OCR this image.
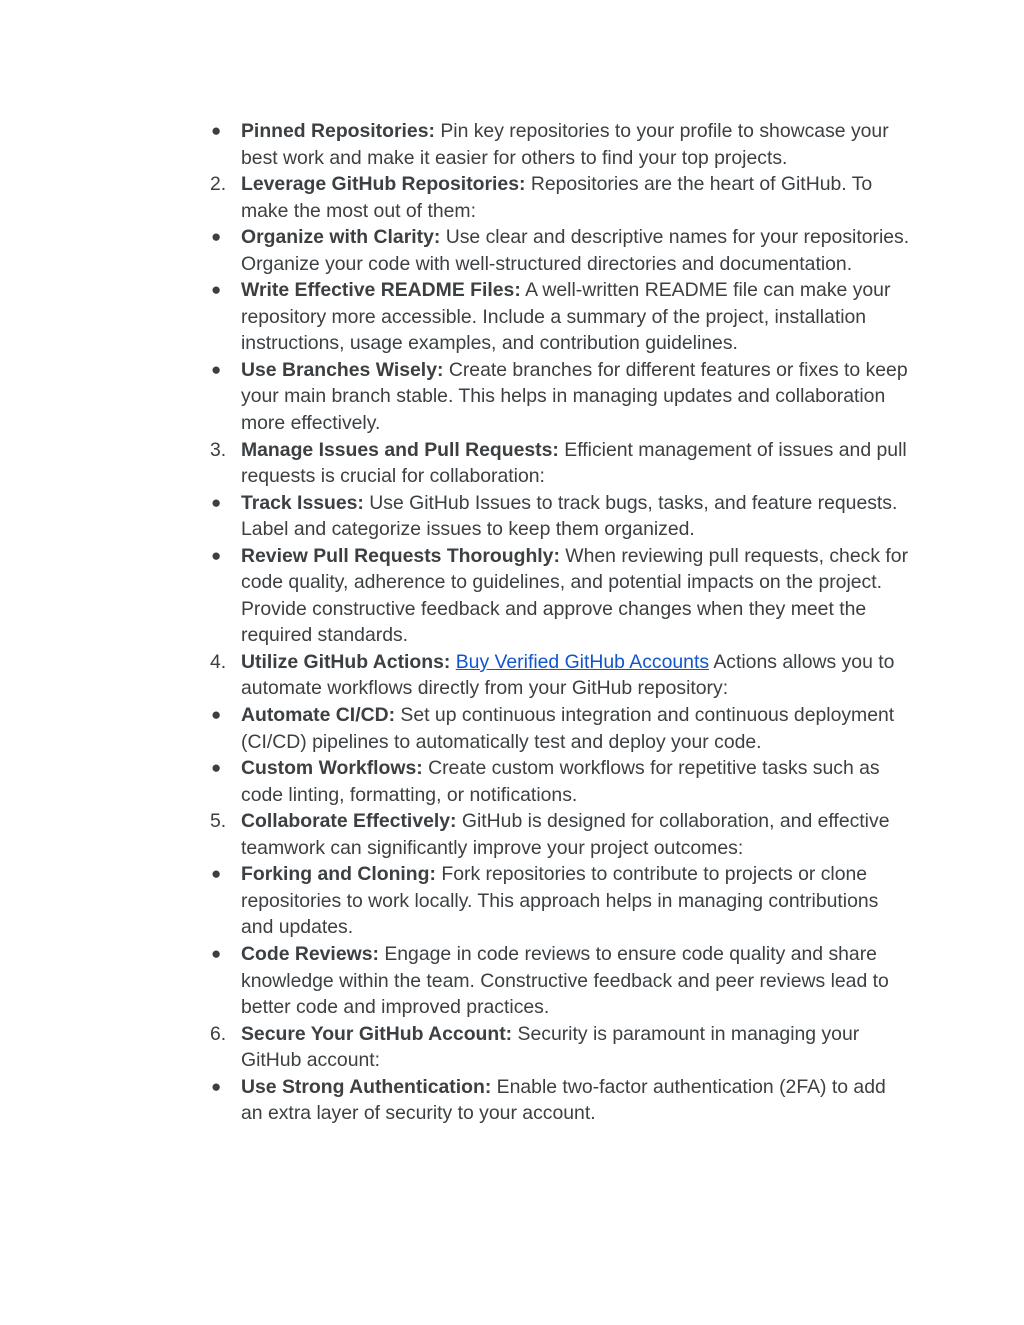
●	Pinned Repositories: Pin key repositories to your profile to showcase your best work and make it easier for others to find your top projects.
2. Leverage GitHub Repositories: Repositories are the heart of GitHub. To make the most out of them:
●	Organize with Clarity: Use clear and descriptive names for your repositories. Organize your code with well-structured directories and documentation.
●	Write Effective README Files: A well-written README file can make your repository more accessible. Include a summary of the project, installation instructions, usage examples, and contribution guidelines.
●	Use Branches Wisely: Create branches for different features or fixes to keep your main branch stable. This helps in managing updates and collaboration more effectively.
3. Manage Issues and Pull Requests: Efficient management of issues and pull requests is crucial for collaboration:
●	Track Issues: Use GitHub Issues to track bugs, tasks, and feature requests. Label and categorize issues to keep them organized.
●	Review Pull Requests Thoroughly: When reviewing pull requests, check for code quality, adherence to guidelines, and potential impacts on the project. Provide constructive feedback and approve changes when they meet the required standards.
4. Utilize GitHub Actions: Buy Verified GitHub Accounts Actions allows you to automate workflows directly from your GitHub repository:
●	Automate CI/CD: Set up continuous integration and continuous deployment (CI/CD) pipelines to automatically test and deploy your code.
●	Custom Workflows: Create custom workflows for repetitive tasks such as code linting, formatting, or notifications.
5. Collaborate Effectively: GitHub is designed for collaboration, and effective teamwork can significantly improve your project outcomes:
●	Forking and Cloning: Fork repositories to contribute to projects or clone repositories to work locally. This approach helps in managing contributions and updates.
●	Code Reviews: Engage in code reviews to ensure code quality and share knowledge within the team. Constructive feedback and peer reviews lead to better code and improved practices.
6. Secure Your GitHub Account: Security is paramount in managing your GitHub account:
●	Use Strong Authentication: Enable two-factor authentication (2FA) to add an extra layer of security to your account.
